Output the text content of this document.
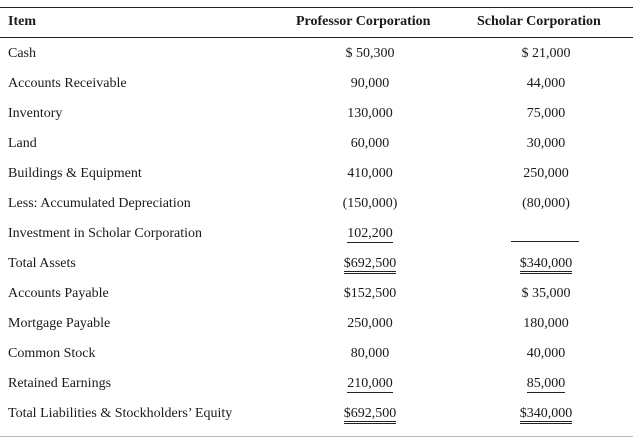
Item	Professor Corporation	Scholar Corporation
Cash	$ 50,300	$ 21,000
Accounts Receivable	90,000	44,000
Inventory	130,000	75,000
Land	60,000	30,000
Buildings & Equipment	410,000	250,000
Less: Accumulated Depreciation	(150,000)	(80,000)
Investment in Scholar Corporation	102,200
Total Assets	$692,500	$340,000
Accounts Payable	$152,500	$ 35,000
Mortgage Payable	250,000	180,000
Common Stock	80,000	40,000
Retained Earnings	210,000	85,000
Total Liabilities & Stockholders’ Equity	$692,500	$340,000
